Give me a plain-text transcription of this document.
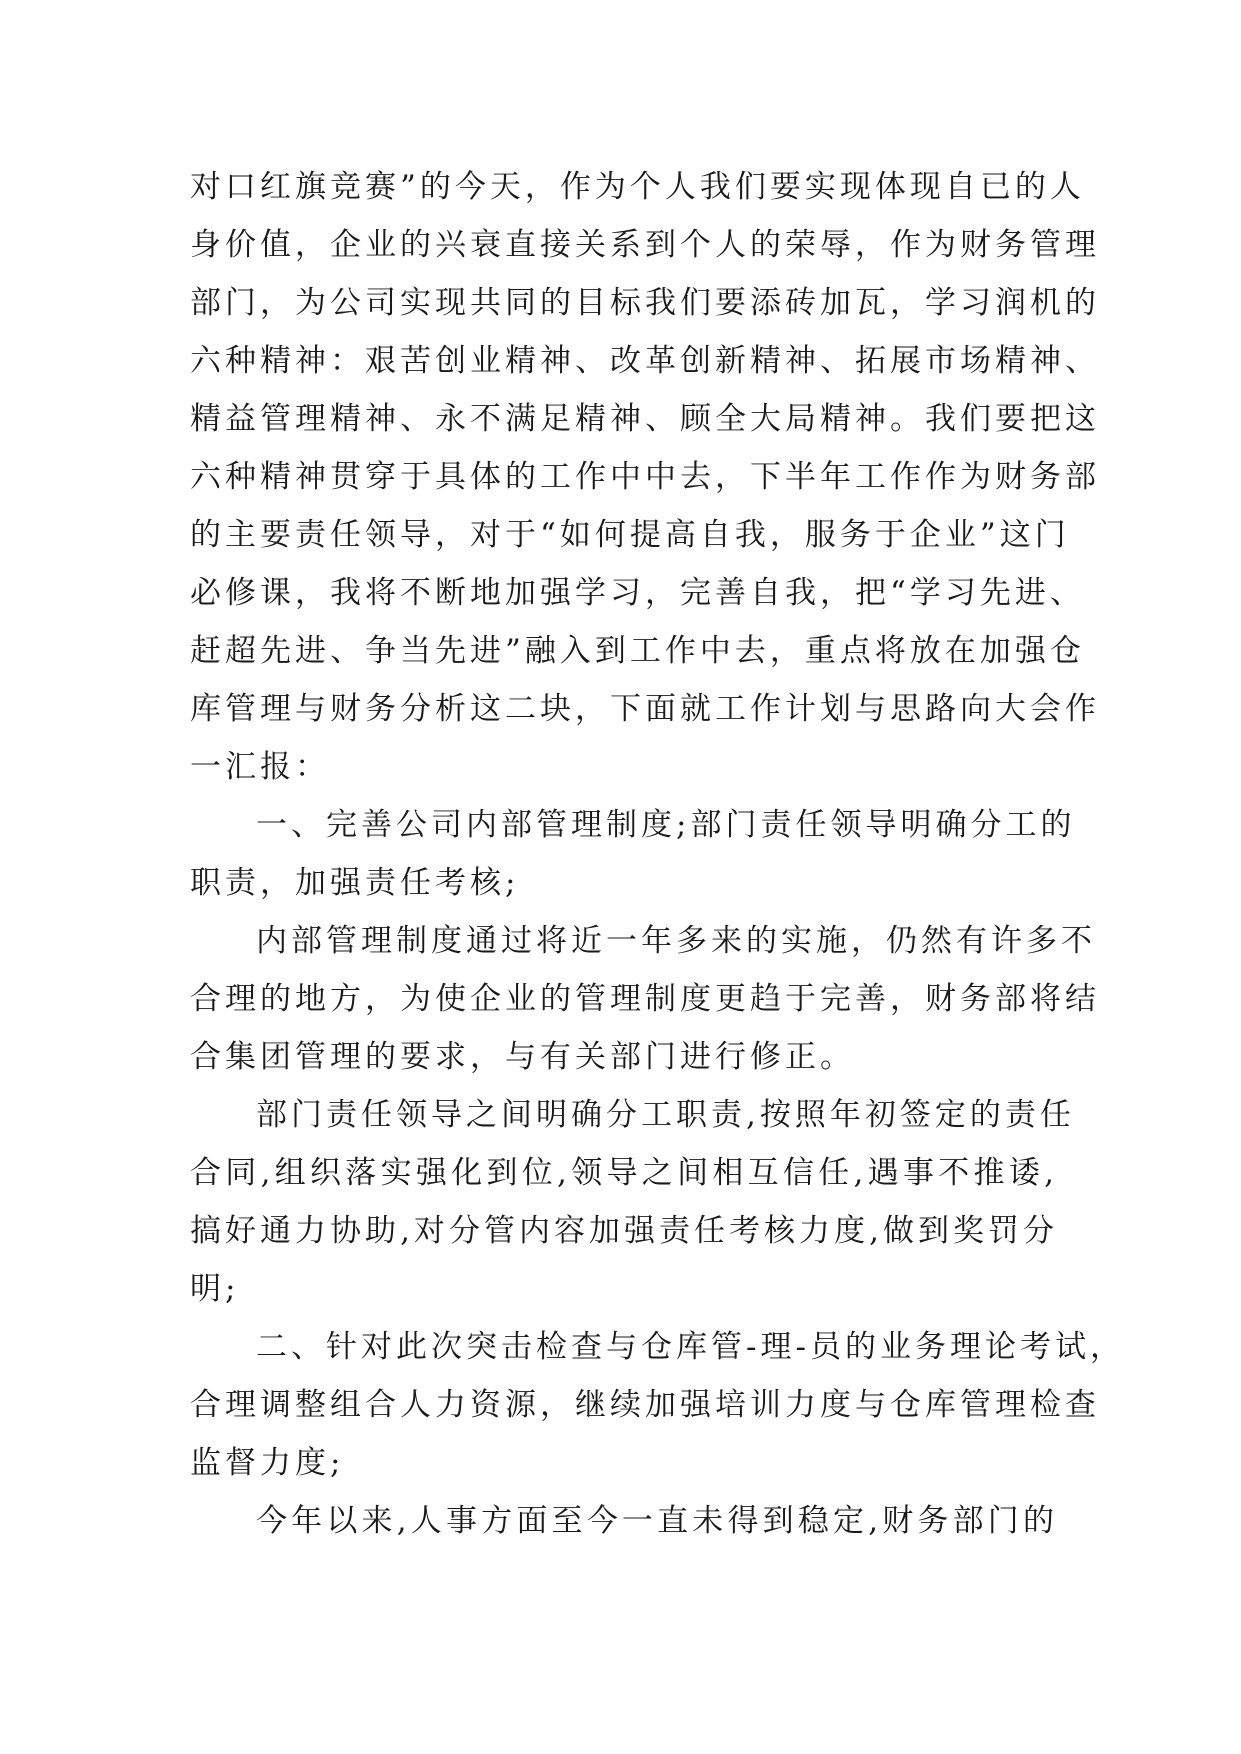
对口红旗竞赛”的今天，作为个人我们要实现体现自已的人
身价值，企业的兴衰直接关系到个人的荣辱，作为财务管理
部门，为公司实现共同的目标我们要添砖加瓦，学习润机的
六种精神：艰苦创业精神、改革创新精神、拓展市场精神、
精益管理精神、永不满足精神、顾全大局精神。我们要把这
六种精神贯穿于具体的工作中中去，下半年工作作为财务部
的主要责任领导，对于“如何提高自我，服务于企业”这门
必修课，我将不断地加强学习，完善自我，把“学习先进、
赶超先进、争当先进”融入到工作中去，重点将放在加强仓
库管理与财务分析这二块，下面就工作计划与思路向大会作
一汇报：
一、完善公司内部管理制度;部门责任领导明确分工的
职责，加强责任考核;
内部管理制度通过将近一年多来的实施，仍然有许多不
合理的地方，为使企业的管理制度更趋于完善，财务部将结
合集团管理的要求，与有关部门进行修正。
部门责任领导之间明确分工职责,按照年初签定的责任
合同,组织落实强化到位,领导之间相互信任,遇事不推诿,
搞好通力协助,对分管内容加强责任考核力度,做到奖罚分
明;
二、针对此次突击检查与仓库管-理-员的业务理论考试，
合理调整组合人力资源，继续加强培训力度与仓库管理检查
监督力度;
今年以来,人事方面至今一直未得到稳定,财务部门的
